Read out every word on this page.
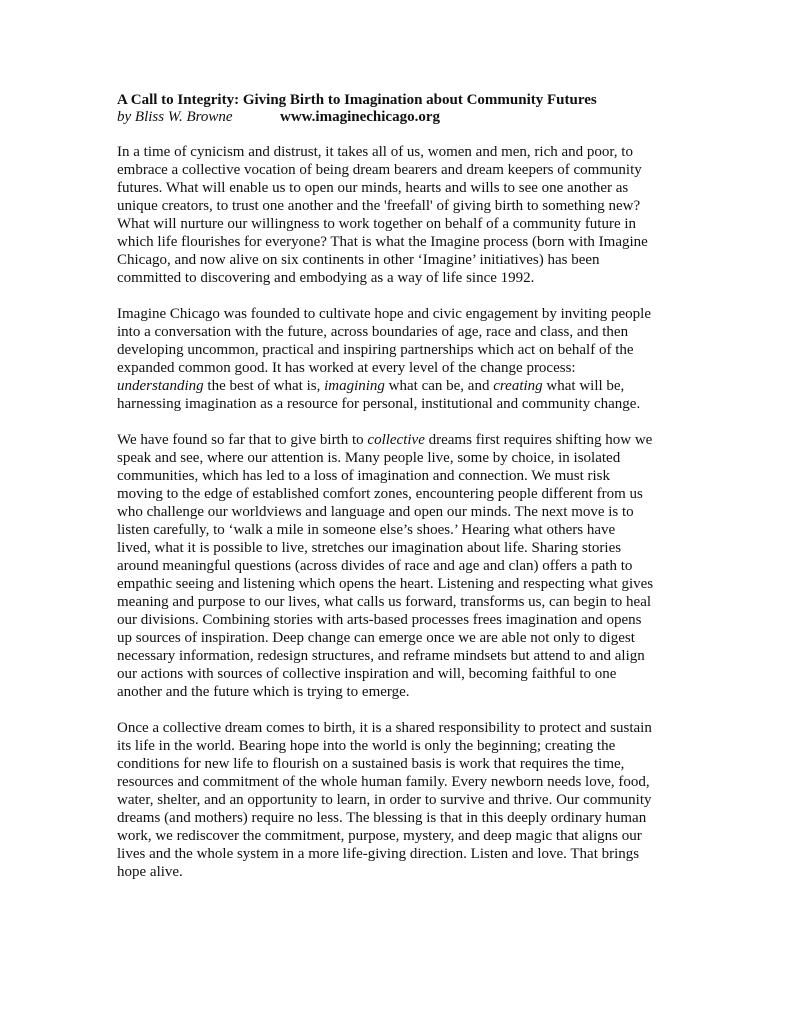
A Call to Integrity: Giving Birth to Imagination about Community Futures
by Bliss W. Browne	www.imaginechicago.org

In a time of cynicism and distrust, it takes all of us, women and men, rich and poor, to
embrace a collective vocation of being dream bearers and dream keepers of community
futures. What will enable us to open our minds, hearts and wills to see one another as
unique creators, to trust one another and the 'freefall' of giving birth to something new?
What will nurture our willingness to work together on behalf of a community future in
which life flourishes for everyone? That is what the Imagine process (born with Imagine
Chicago, and now alive on six continents in other ‘Imagine’ initiatives) has been
committed to discovering and embodying as a way of life since 1992.

Imagine Chicago was founded to cultivate hope and civic engagement by inviting people
into a conversation with the future, across boundaries of age, race and class, and then
developing uncommon, practical and inspiring partnerships which act on behalf of the
expanded common good. It has worked at every level of the change process:
understanding the best of what is, imagining what can be, and creating what will be,
harnessing imagination as a resource for personal, institutional and community change.

We have found so far that to give birth to collective dreams first requires shifting how we
speak and see, where our attention is. Many people live, some by choice, in isolated
communities, which has led to a loss of imagination and connection. We must risk
moving to the edge of established comfort zones, encountering people different from us
who challenge our worldviews and language and open our minds. The next move is to
listen carefully, to ‘walk a mile in someone else’s shoes.’ Hearing what others have
lived, what it is possible to live, stretches our imagination about life. Sharing stories
around meaningful questions (across divides of race and age and clan) offers a path to
empathic seeing and listening which opens the heart. Listening and respecting what gives
meaning and purpose to our lives, what calls us forward, transforms us, can begin to heal
our divisions. Combining stories with arts-based processes frees imagination and opens
up sources of inspiration. Deep change can emerge once we are able not only to digest
necessary information, redesign structures, and reframe mindsets but attend to and align
our actions with sources of collective inspiration and will, becoming faithful to one
another and the future which is trying to emerge.

Once a collective dream comes to birth, it is a shared responsibility to protect and sustain
its life in the world. Bearing hope into the world is only the beginning; creating the
conditions for new life to flourish on a sustained basis is work that requires the time,
resources and commitment of the whole human family. Every newborn needs love, food,
water, shelter, and an opportunity to learn, in order to survive and thrive. Our community
dreams (and mothers) require no less. The blessing is that in this deeply ordinary human
work, we rediscover the commitment, purpose, mystery, and deep magic that aligns our
lives and the whole system in a more life-giving direction. Listen and love. That brings
hope alive.
